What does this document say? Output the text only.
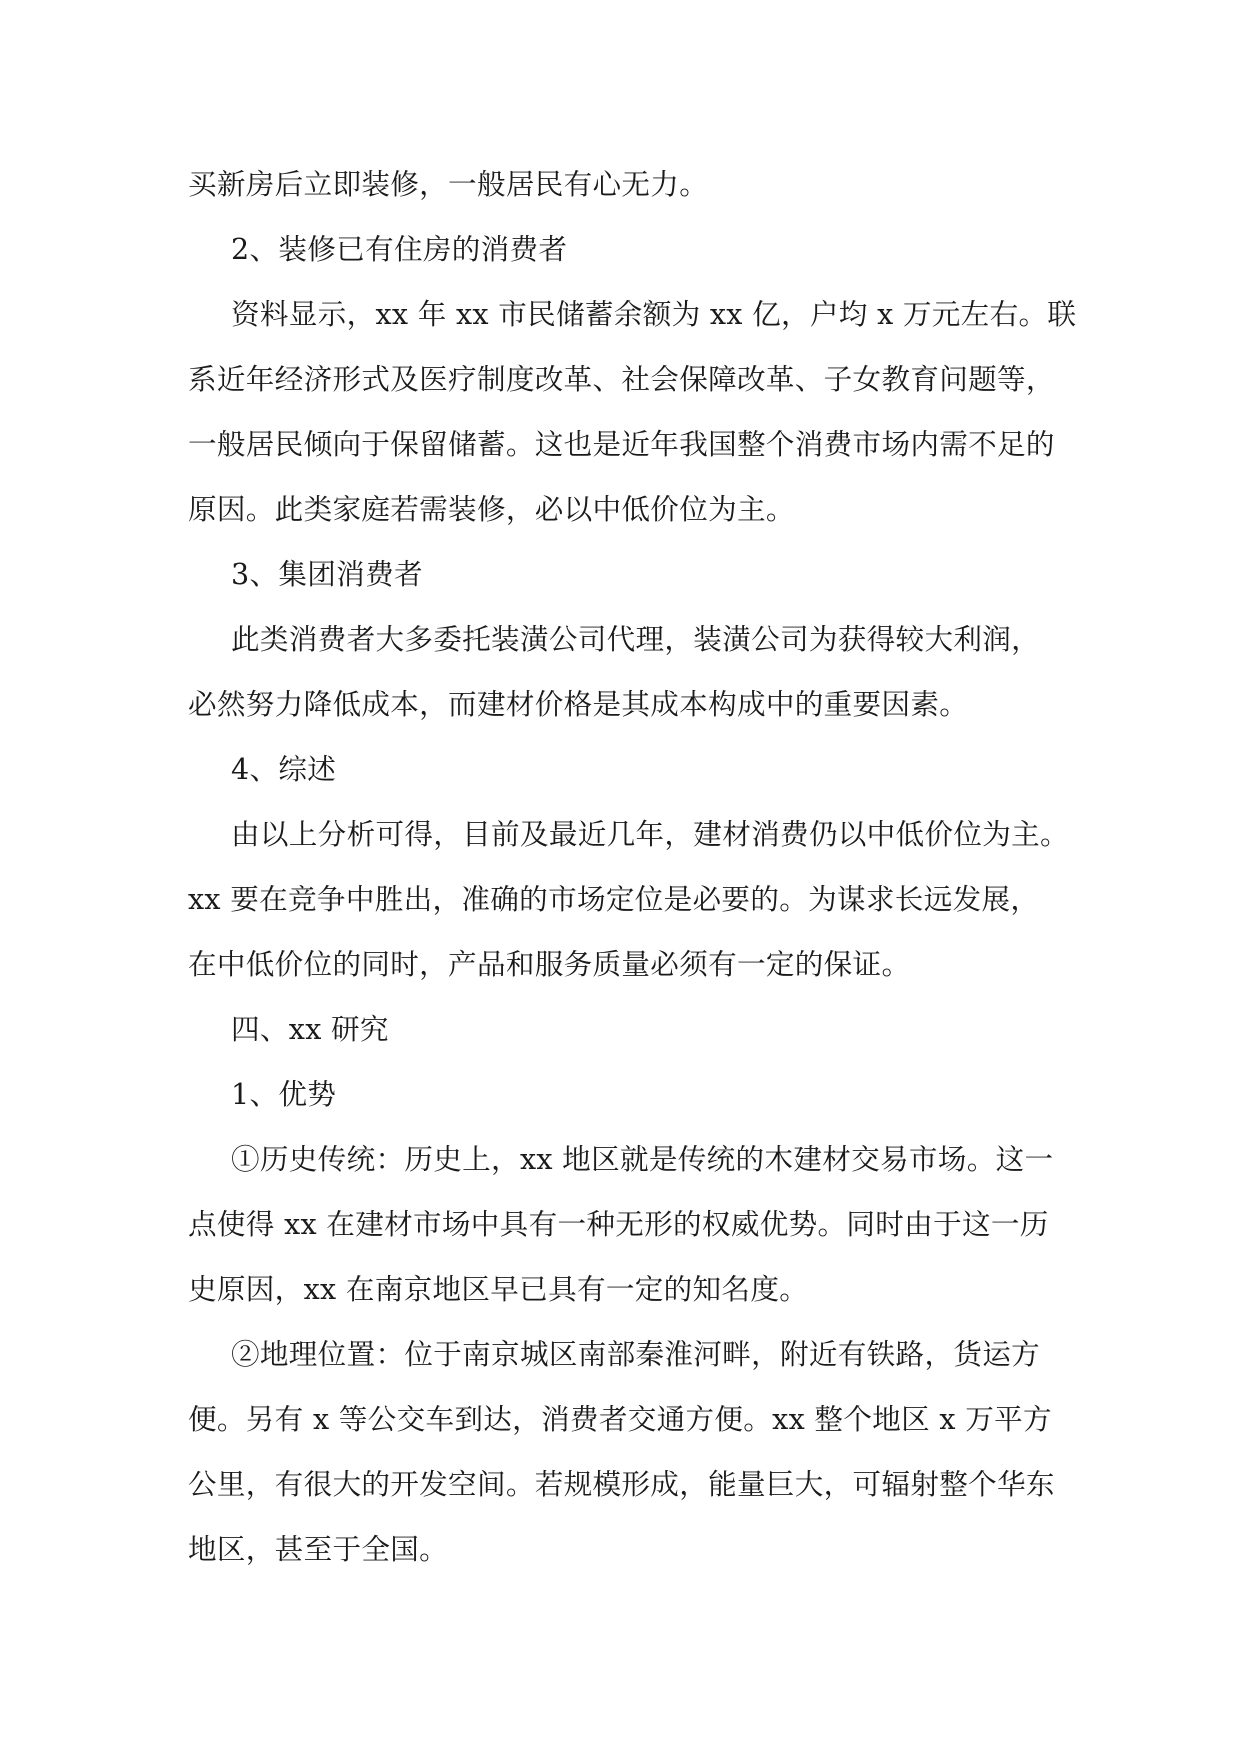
买新房后立即装修，一般居民有心无力。
2、装修已有住房的消费者
资料显示，xx 年 xx 市民储蓄余额为 xx 亿，户均 x 万元左右。联
系近年经济形式及医疗制度改革、社会保障改革、子女教育问题等，
一般居民倾向于保留储蓄。这也是近年我国整个消费市场内需不足的
原因。此类家庭若需装修，必以中低价位为主。
3、集团消费者
此类消费者大多委托装潢公司代理，装潢公司为获得较大利润，
必然努力降低成本，而建材价格是其成本构成中的重要因素。
4、综述
由以上分析可得，目前及最近几年，建材消费仍以中低价位为主。
xx 要在竞争中胜出，准确的市场定位是必要的。为谋求长远发展，
在中低价位的同时，产品和服务质量必须有一定的保证。
四、xx 研究
1、优势
①历史传统：历史上，xx 地区就是传统的木建材交易市场。这一
点使得 xx 在建材市场中具有一种无形的权威优势。同时由于这一历
史原因，xx 在南京地区早已具有一定的知名度。
②地理位置：位于南京城区南部秦淮河畔，附近有铁路，货运方
便。另有 x 等公交车到达，消费者交通方便。xx 整个地区 x 万平方
公里，有很大的开发空间。若规模形成，能量巨大，可辐射整个华东
地区，甚至于全国。
